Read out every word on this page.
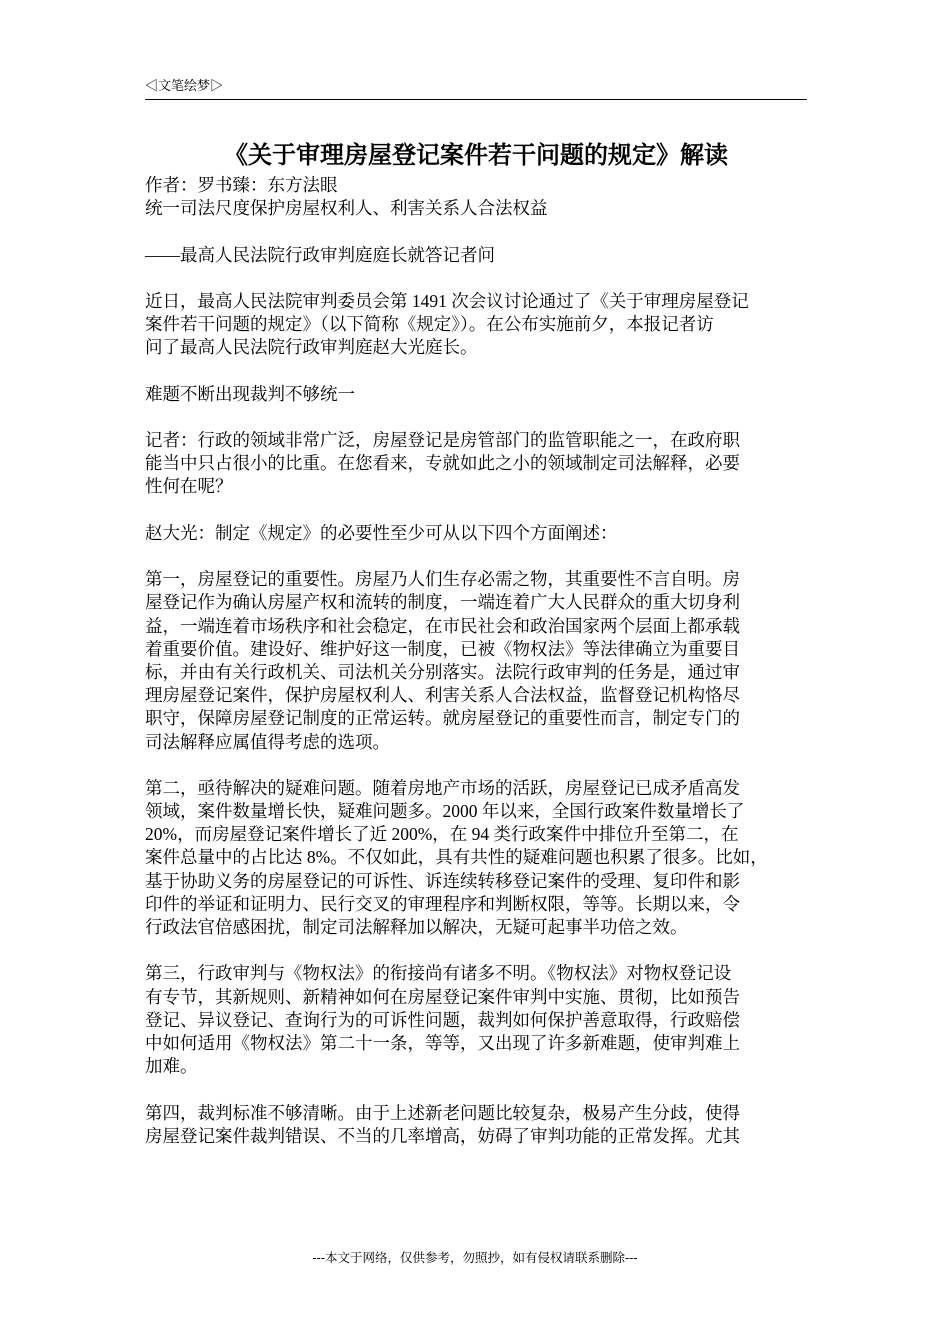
◁文笔绘梦▷
《关于审理房屋登记案件若干问题的规定》解读
作者：罗书臻：东方法眼
统一司法尺度保护房屋权利人、利害关系人合法权益
——最高人民法院行政审判庭庭长就答记者问
近日，最高人民法院审判委员会第 1491 次会议讨论通过了《关于审理房屋登记
案件若干问题的规定》（以下简称《规定》）。在公布实施前夕，本报记者访
问了最高人民法院行政审判庭赵大光庭长。
难题不断出现裁判不够统一
记者：行政的领域非常广泛，房屋登记是房管部门的监管职能之一，在政府职
能当中只占很小的比重。在您看来，专就如此之小的领域制定司法解释，必要
性何在呢？
赵大光：制定《规定》的必要性至少可从以下四个方面阐述：
第一，房屋登记的重要性。房屋乃人们生存必需之物，其重要性不言自明。房
屋登记作为确认房屋产权和流转的制度，一端连着广大人民群众的重大切身利
益，一端连着市场秩序和社会稳定，在市民社会和政治国家两个层面上都承载
着重要价值。建设好、维护好这一制度，已被《物权法》等法律确立为重要目
标，并由有关行政机关、司法机关分别落实。法院行政审判的任务是，通过审
理房屋登记案件，保护房屋权利人、利害关系人合法权益，监督登记机构恪尽
职守，保障房屋登记制度的正常运转。就房屋登记的重要性而言，制定专门的
司法解释应属值得考虑的选项。
第二，亟待解决的疑难问题。随着房地产市场的活跃，房屋登记已成矛盾高发
领域，案件数量增长快，疑难问题多。2000 年以来，全国行政案件数量增长了
20%，而房屋登记案件增长了近 200%，在 94 类行政案件中排位升至第二，在
案件总量中的占比达 8%。不仅如此，具有共性的疑难问题也积累了很多。比如，
基于协助义务的房屋登记的可诉性、诉连续转移登记案件的受理、复印件和影
印件的举证和证明力、民行交叉的审理程序和判断权限，等等。长期以来，令
行政法官倍感困扰，制定司法解释加以解决，无疑可起事半功倍之效。
第三，行政审判与《物权法》的衔接尚有诸多不明。《物权法》对物权登记设
有专节，其新规则、新精神如何在房屋登记案件审判中实施、贯彻，比如预告
登记、异议登记、查询行为的可诉性问题，裁判如何保护善意取得，行政赔偿
中如何适用《物权法》第二十一条，等等，又出现了许多新难题，使审判难上
加难。
第四，裁判标准不够清晰。由于上述新老问题比较复杂，极易产生分歧，使得
房屋登记案件裁判错误、不当的几率增高，妨碍了审判功能的正常发挥。尤其
---本文于网络，仅供参考，勿照抄，如有侵权请联系删除---
